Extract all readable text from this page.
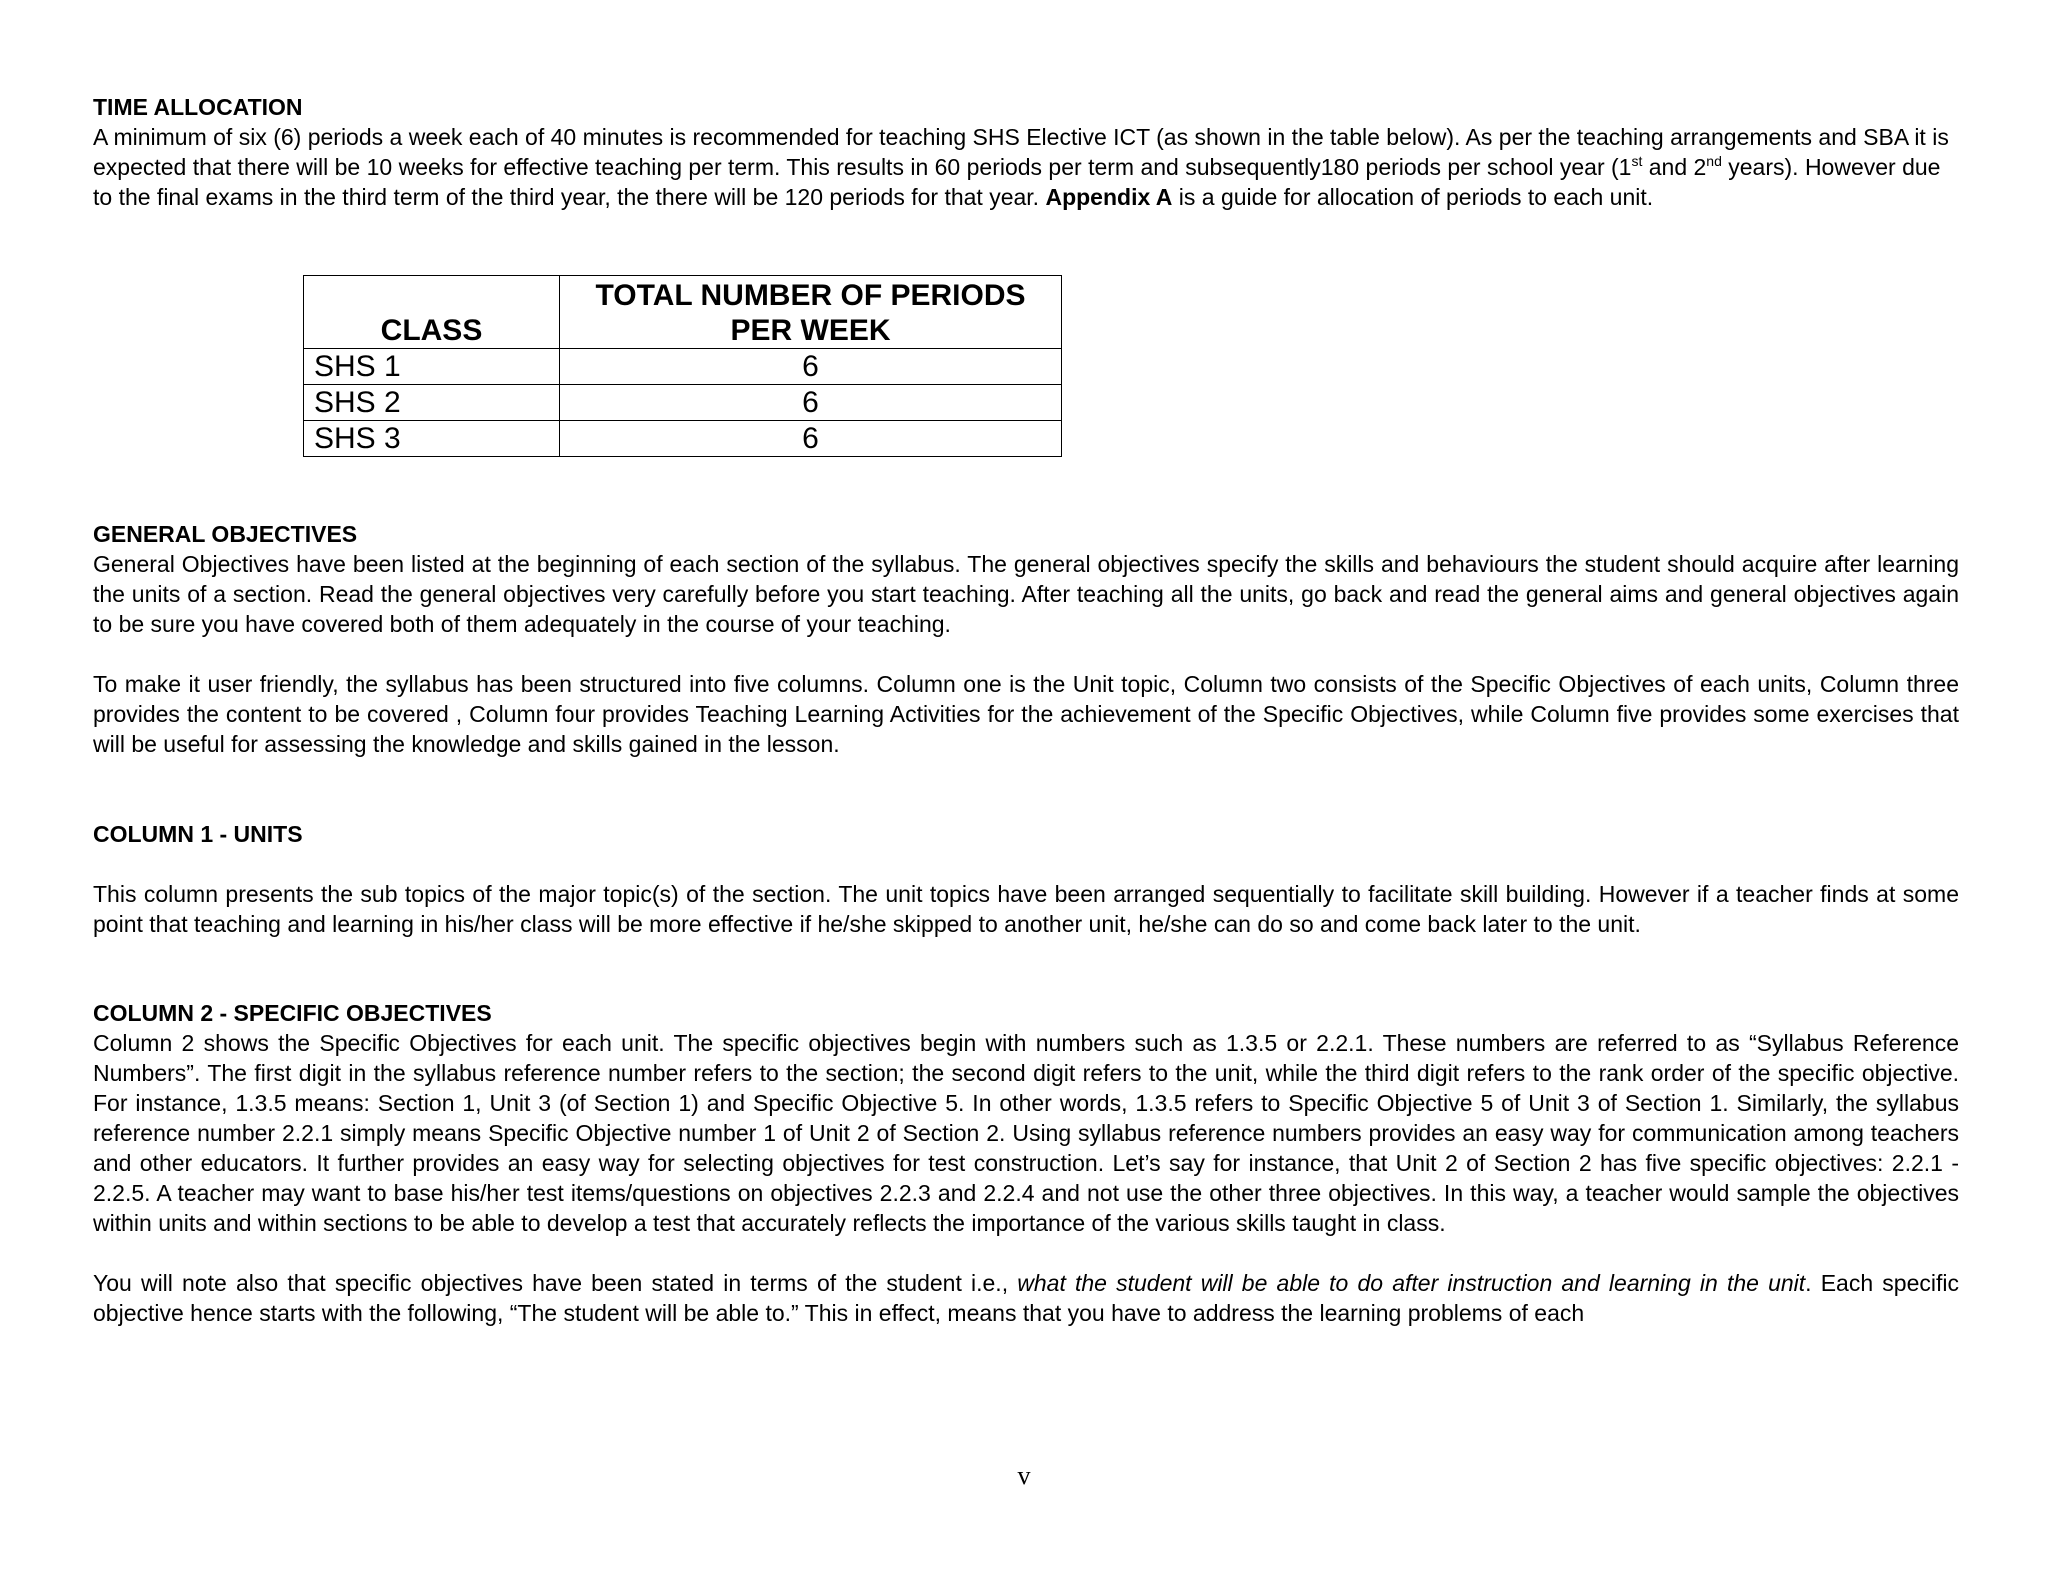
TIME ALLOCATION

A minimum of six (6) periods a week each of 40 minutes is recommended for teaching SHS Elective ICT (as shown in the table below). As per the teaching arrangements and SBA it is expected that there will be 10 weeks for effective teaching per term. This results in 60 periods per term and subsequently180 periods per school year (1st and 2nd years). However due to the final exams in the third term of the third year, the there will be 120 periods for that year. Appendix A is a guide for allocation of periods to each unit.

CLASS	TOTAL NUMBER OF PERIODS
PER WEEK
SHS 1	6
SHS 2	6
SHS 3	6

GENERAL OBJECTIVES

General Objectives have been listed at the beginning of each section of the syllabus. The general objectives specify the skills and behaviours the student should acquire after learning the units of a section. Read the general objectives very carefully before you start teaching. After teaching all the units, go back and read the general aims and general objectives again to be sure you have covered both of them adequately in the course of your teaching.

To make it user friendly, the syllabus has been structured into five columns. Column one is the Unit topic, Column two consists of the Specific Objectives of each units, Column three provides the content to be covered , Column four provides Teaching Learning Activities for the achievement of the Specific Objectives, while Column five provides some exercises that will be useful for assessing the knowledge and skills gained in the lesson.

COLUMN 1 - UNITS

This column presents the sub topics of the major topic(s) of the section. The unit topics have been arranged sequentially to facilitate skill building. However if a teacher finds at some point that teaching and learning in his/her class will be more effective if he/she skipped to another unit, he/she can do so and come back later to the unit.

COLUMN 2 - SPECIFIC OBJECTIVES

Column 2 shows the Specific Objectives for each unit. The specific objectives begin with numbers such as 1.3.5 or 2.2.1. These numbers are referred to as “Syllabus Reference Numbers”. The first digit in the syllabus reference number refers to the section; the second digit refers to the unit, while the third digit refers to the rank order of the specific objective. For instance, 1.3.5 means: Section 1, Unit 3 (of Section 1) and Specific Objective 5. In other words, 1.3.5 refers to Specific Objective 5 of Unit 3 of Section 1. Similarly, the syllabus reference number 2.2.1 simply means Specific Objective number 1 of Unit 2 of Section 2. Using syllabus reference numbers provides an easy way for communication among teachers and other educators. It further provides an easy way for selecting objectives for test construction. Let’s say for instance, that Unit 2 of Section 2 has five specific objectives: 2.2.1 - 2.2.5. A teacher may want to base his/her test items/questions on objectives 2.2.3 and 2.2.4 and not use the other three objectives. In this way, a teacher would sample the objectives within units and within sections to be able to develop a test that accurately reflects the importance of the various skills taught in class.

You will note also that specific objectives have been stated in terms of the student i.e., what the student will be able to do after instruction and learning in the unit. Each specific objective hence starts with the following, “The student will be able to.” This in effect, means that you have to address the learning problems of each

v
